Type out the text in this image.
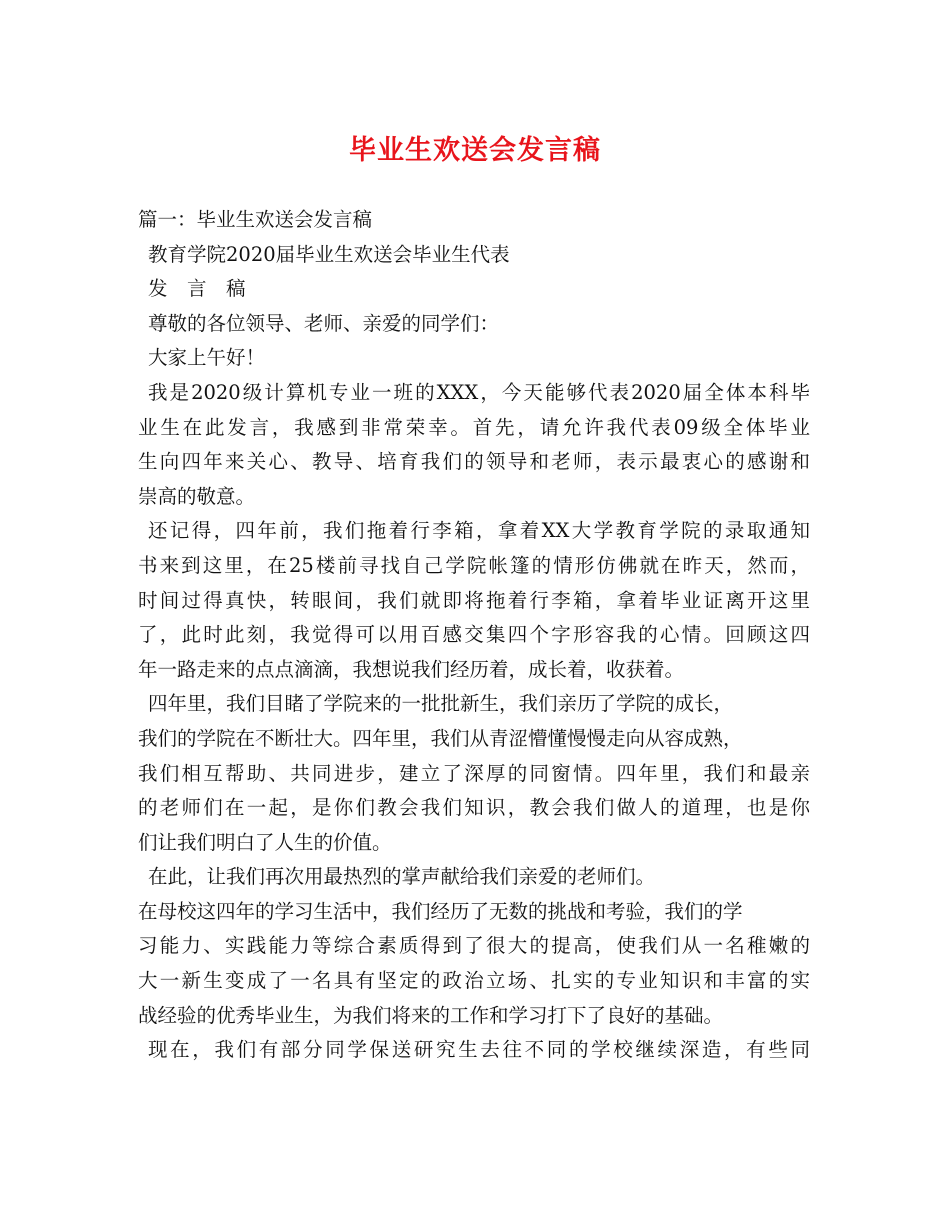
毕业生欢送会发言稿
篇一：毕业生欢送会发言稿
教育学院2020届毕业生欢送会毕业生代表
发　言　稿
尊敬的各位领导、老师、亲爱的同学们：
大家上午好！
我是2020级计算机专业一班的XXX，今天能够代表2020届全体本科毕
业生在此发言，我感到非常荣幸。首先，请允许我代表09级全体毕业
生向四年来关心、教导、培育我们的领导和老师，表示最衷心的感谢和
崇高的敬意。
还记得，四年前，我们拖着行李箱，拿着XX大学教育学院的录取通知
书来到这里，在25楼前寻找自己学院帐篷的情形仿佛就在昨天，然而，
时间过得真快，转眼间，我们就即将拖着行李箱，拿着毕业证离开这里
了，此时此刻，我觉得可以用百感交集四个字形容我的心情。回顾这四
年一路走来的点点滴滴，我想说我们经历着，成长着，收获着。
四年里，我们目睹了学院来的一批批新生，我们亲历了学院的成长，
我们的学院在不断壮大。四年里，我们从青涩懵懂慢慢走向从容成熟，
我们相互帮助、共同进步，建立了深厚的同窗情。四年里，我们和最亲
的老师们在一起，是你们教会我们知识，教会我们做人的道理，也是你
们让我们明白了人生的价值。
在此，让我们再次用最热烈的掌声献给我们亲爱的老师们。
在母校这四年的学习生活中，我们经历了无数的挑战和考验，我们的学
习能力、实践能力等综合素质得到了很大的提高，使我们从一名稚嫩的
大一新生变成了一名具有坚定的政治立场、扎实的专业知识和丰富的实
战经验的优秀毕业生，为我们将来的工作和学习打下了良好的基础。
现在，我们有部分同学保送研究生去往不同的学校继续深造，有些同
